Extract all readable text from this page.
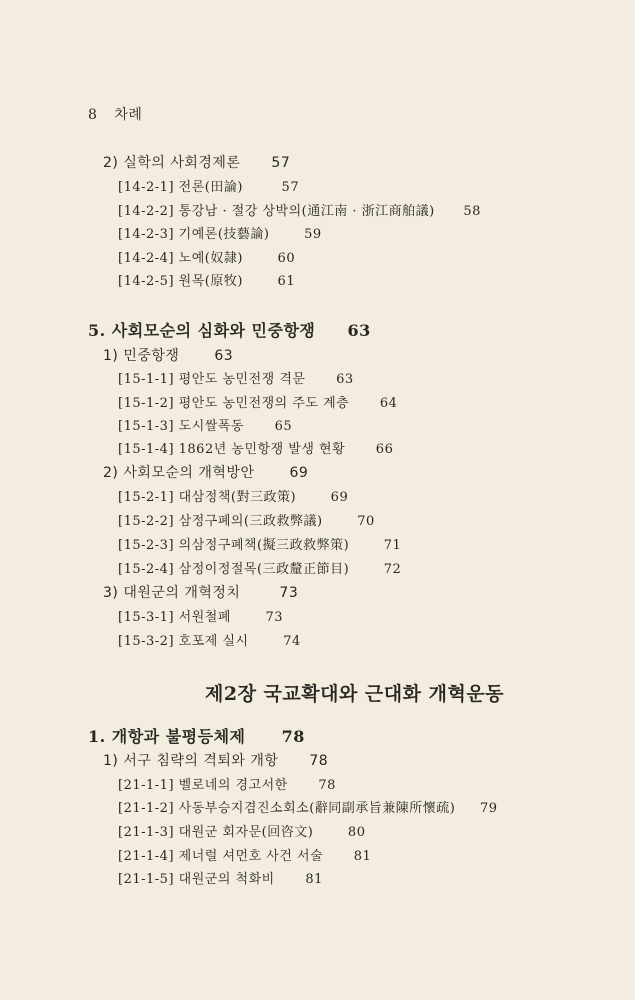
8 차례
2) 실학의 사회경제론 57
[14-2-1] 전론(田論)	57
[14-2-2] 통강남 · 절강 상박의(通江南 · 浙江商舶議) 58
[14-2-3] 기예론(技藝論)	59
[14-2-4] 노예(奴隷)	60
[14-2-5] 원목(原牧)	61
5. 사회모순의 심화와 민중항쟁 63
1) 민중항쟁 63
[15-1-1] 평안도 농민전쟁 격문 63
[15-1-2] 평안도 농민전쟁의 주도 계층 64
[15-1-3] 도시쌀폭동 65
[15-1-4] 1862년 농민항쟁 발생 현황 66
2) 사회모순의 개혁방안 69
[15-2-1] 대삼정책(對三政策)	69
[15-2-2] 삼정구폐의(三政救弊議)	70
[15-2-3] 의삼정구폐책(擬三政救弊策)	71
[15-2-4] 삼정이정절목(三政釐正節目)	72
3) 대원군의 개혁정치	73
[15-3-1] 서원철폐	73
[15-3-2] 호포제 실시	74
제2장 국교확대와 근대화 개혁운동
1. 개항과 불평등체제 78
1) 서구 침략의 격퇴와 개항 78
[21-1-1] 벨로네의 경고서한 78
[21-1-2] 사동부승지겸진소회소(辭同副承旨兼陳所懷疏) 79
[21-1-3] 대원군 회자문(回咨文)	80
[21-1-4] 제너럴 셔먼호 사건 서술 81
[21-1-5] 대원군의 척화비 81
